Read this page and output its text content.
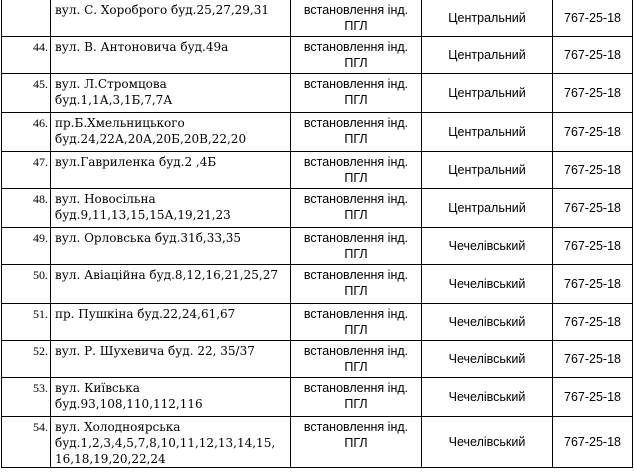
	вул. С. Хороброго буд.25,27,29,31	встановлення інд.
ПГЛ	Центральний	767-25-18
44.	вул. В. Антоновича буд.49а	встановлення інд.
ПГЛ	Центральний	767-25-18
45.	вул. Л.Стромцова
буд.1,1А,3,1Б,7,7А	встановлення інд.
ПГЛ	Центральний	767-25-18
46.	пр.Б.Хмельницького
буд.24,22А,20А,20Б,20В,22,20	встановлення інд.
ПГЛ	Центральний	767-25-18
47.	вул.Гавриленка буд.2 ,4Б	встановлення інд.
ПГЛ	Центральний	767-25-18
48.	вул. Новосільна
буд.9,11,13,15,15А,19,21,23	встановлення інд.
ПГЛ	Центральний	767-25-18
49.	вул. Орловська буд.31б,33,35	встановлення інд.
ПГЛ	Чечелівський	767-25-18
50.	вул. Авіаційна буд.8,12,16,21,25,27	встановлення інд.
ПГЛ	Чечелівський	767-25-18
51.	пр. Пушкіна буд.22,24,61,67	встановлення інд.
ПГЛ	Чечелівський	767-25-18
52.	вул. Р. Шухевича буд. 22, 35/37	встановлення інд.
ПГЛ	Чечелівський	767-25-18
53.	вул. Київська
буд.93,108,110,112,116	встановлення інд.
ПГЛ	Чечелівський	767-25-18
54.	вул. Холодноярська
буд.1,2,3,4,5,7,8,10,11,12,13,14,15,
16,18,19,20,22,24	встановлення інд.
ПГЛ	Чечелівський	767-25-18
